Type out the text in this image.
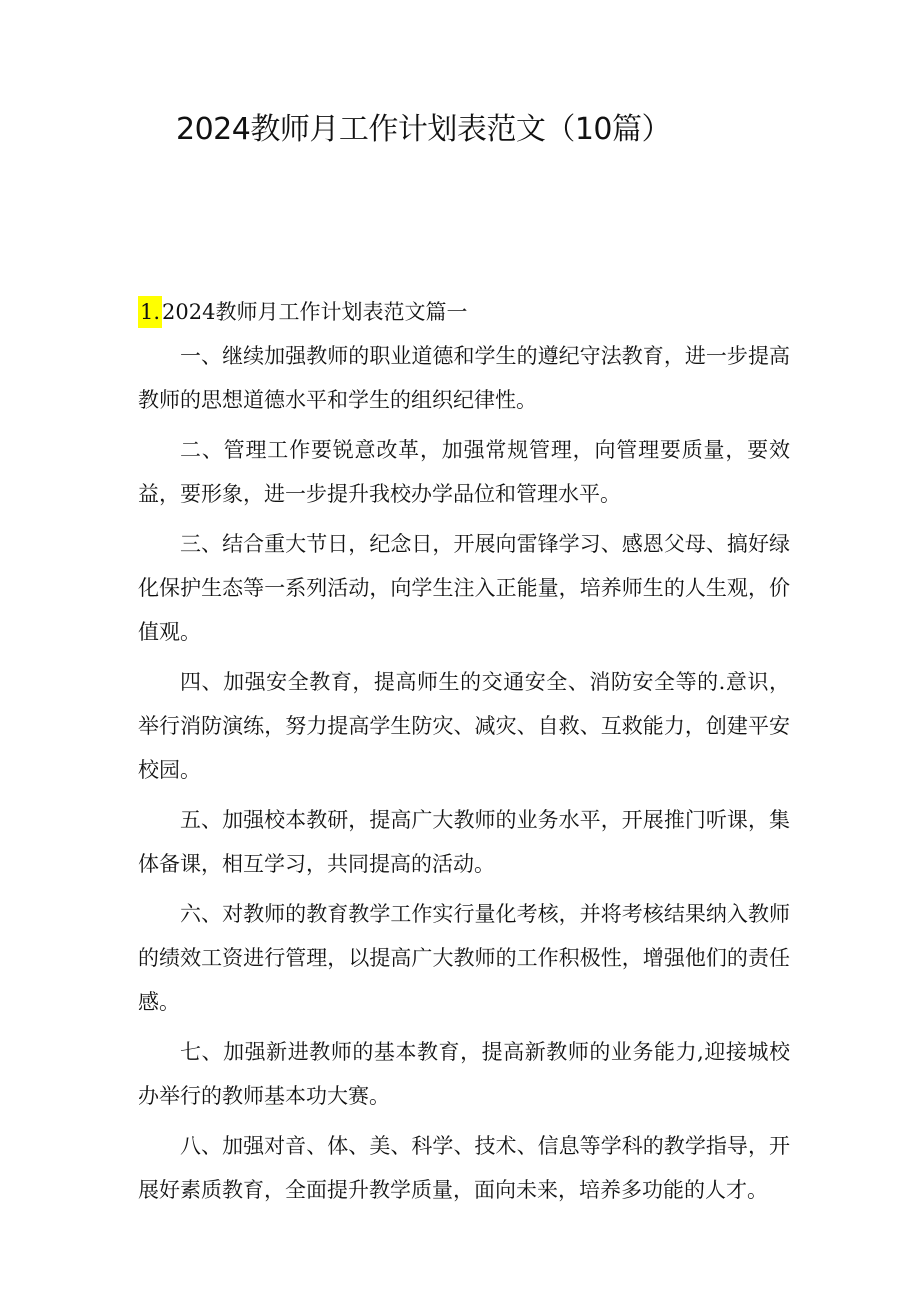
2024教师月工作计划表范文（10篇）

1.2024教师月工作计划表范文篇一

一、继续加强教师的职业道德和学生的遵纪守法教育，进一步提高教师的思想道德水平和学生的组织纪律性。

二、管理工作要锐意改革，加强常规管理，向管理要质量，要效益，要形象，进一步提升我校办学品位和管理水平。

三、结合重大节日，纪念日，开展向雷锋学习、感恩父母、搞好绿化保护生态等一系列活动，向学生注入正能量，培养师生的人生观，价值观。

四、加强安全教育，提高师生的交通安全、消防安全等的.意识，举行消防演练，努力提高学生防灾、减灾、自救、互救能力，创建平安校园。

五、加强校本教研，提高广大教师的业务水平，开展推门听课，集体备课，相互学习，共同提高的活动。

六、对教师的教育教学工作实行量化考核，并将考核结果纳入教师的绩效工资进行管理，以提高广大教师的工作积极性，增强他们的责任感。

七、加强新进教师的基本教育，提高新教师的业务能力,迎接城校办举行的教师基本功大赛。

八、加强对音、体、美、科学、技术、信息等学科的教学指导，开展好素质教育，全面提升教学质量，面向未来，培养多功能的人才。
